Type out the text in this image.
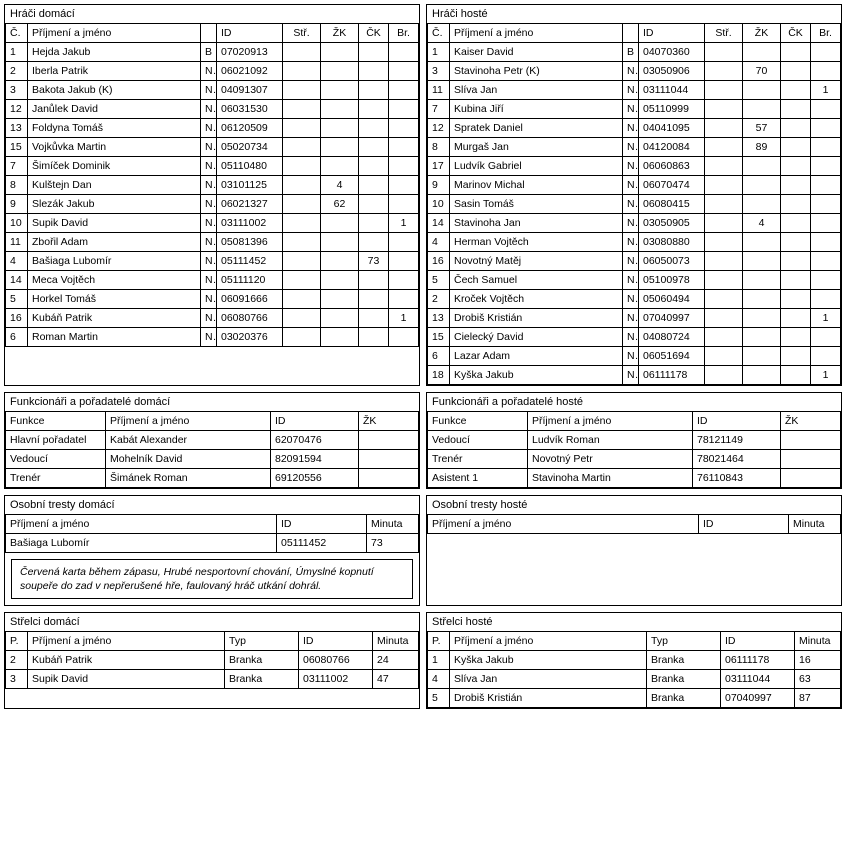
Hráči domácí
Č.	Příjmení a jméno		ID	Stř.	ŽK	ČK	Br.
1	Hejda Jakub	B	07020913				
2	Iberla Patrik	N	06021092				
3	Bakota Jakub (K)	N	04091307				
12	Janůlek David	N	06031530				
13	Foldyna Tomáš	N	06120509				
15	Vojkůvka Martin	N	05020734				
7	Šimíček Dominik	N	05110480				
8	Kulštejn Dan	N	03101125		4		
9	Slezák Jakub	N	06021327		62		
10	Supik David	N	03111002				1
11	Zbořil Adam	N	05081396				
4	Bašiaga Lubomír	N	05111452			73	
14	Meca Vojtěch	N	05111120				
5	Horkel Tomáš	N	06091666				
16	Kubáň Patrik	N	06080766				1
6	Roman Martin	N	03020376				
Hráči hosté
Č.	Příjmení a jméno		ID	Stř.	ŽK	ČK	Br.
1	Kaiser David	B	04070360				
3	Stavinoha Petr (K)	N	03050906		70		
11	Slíva Jan	N	03111044				1
7	Kubina Jiří	N	05110999				
12	Spratek Daniel	N	04041095		57		
8	Murgaš Jan	N	04120084		89		
17	Ludvík Gabriel	N	06060863				
9	Marinov Michal	N	06070474				
10	Sasin Tomáš	N	06080415				
14	Stavinoha Jan	N	03050905		4		
4	Herman Vojtěch	N	03080880				
16	Novotný Matěj	N	06050073				
5	Čech Samuel	N	05100978				
2	Kroček Vojtěch	N	05060494				
13	Drobiš Kristián	N	07040997				1
15	Cielecký David	N	04080724				
6	Lazar Adam	N	06051694				
18	Kyška Jakub	N	06111178				1
Funkcionáři a pořadatelé domácí
Funkce	Příjmení a jméno	ID	ŽK
Hlavní pořadatel	Kabát Alexander	62070476	
Vedoucí	Mohelník David	82091594	
Trenér	Šimánek Roman	69120556	
Funkcionáři a pořadatelé hosté
Funkce	Příjmení a jméno	ID	ŽK
Vedoucí	Ludvík Roman	78121149	
Trenér	Novotný Petr	78021464	
Asistent 1	Stavinoha Martin	76110843	
Osobní tresty domácí
Příjmení a jméno	ID	Minuta
Bašiaga Lubomír	05111452	73
Červená karta během zápasu, Hrubé nesportovní chování, Úmyslné kopnutí soupeře do zad v nepřerušené hře, faulovaný hráč utkání dohrál.
Osobní tresty hosté
Příjmení a jméno	ID	Minuta
Střelci domácí
P.	Příjmení a jméno	Typ	ID	Minuta
2	Kubáň Patrik	Branka	06080766	24
3	Supik David	Branka	03111002	47
Střelci hosté
P.	Příjmení a jméno	Typ	ID	Minuta
1	Kyška Jakub	Branka	06111178	16
4	Slíva Jan	Branka	03111044	63
5	Drobiš Kristián	Branka	07040997	87
